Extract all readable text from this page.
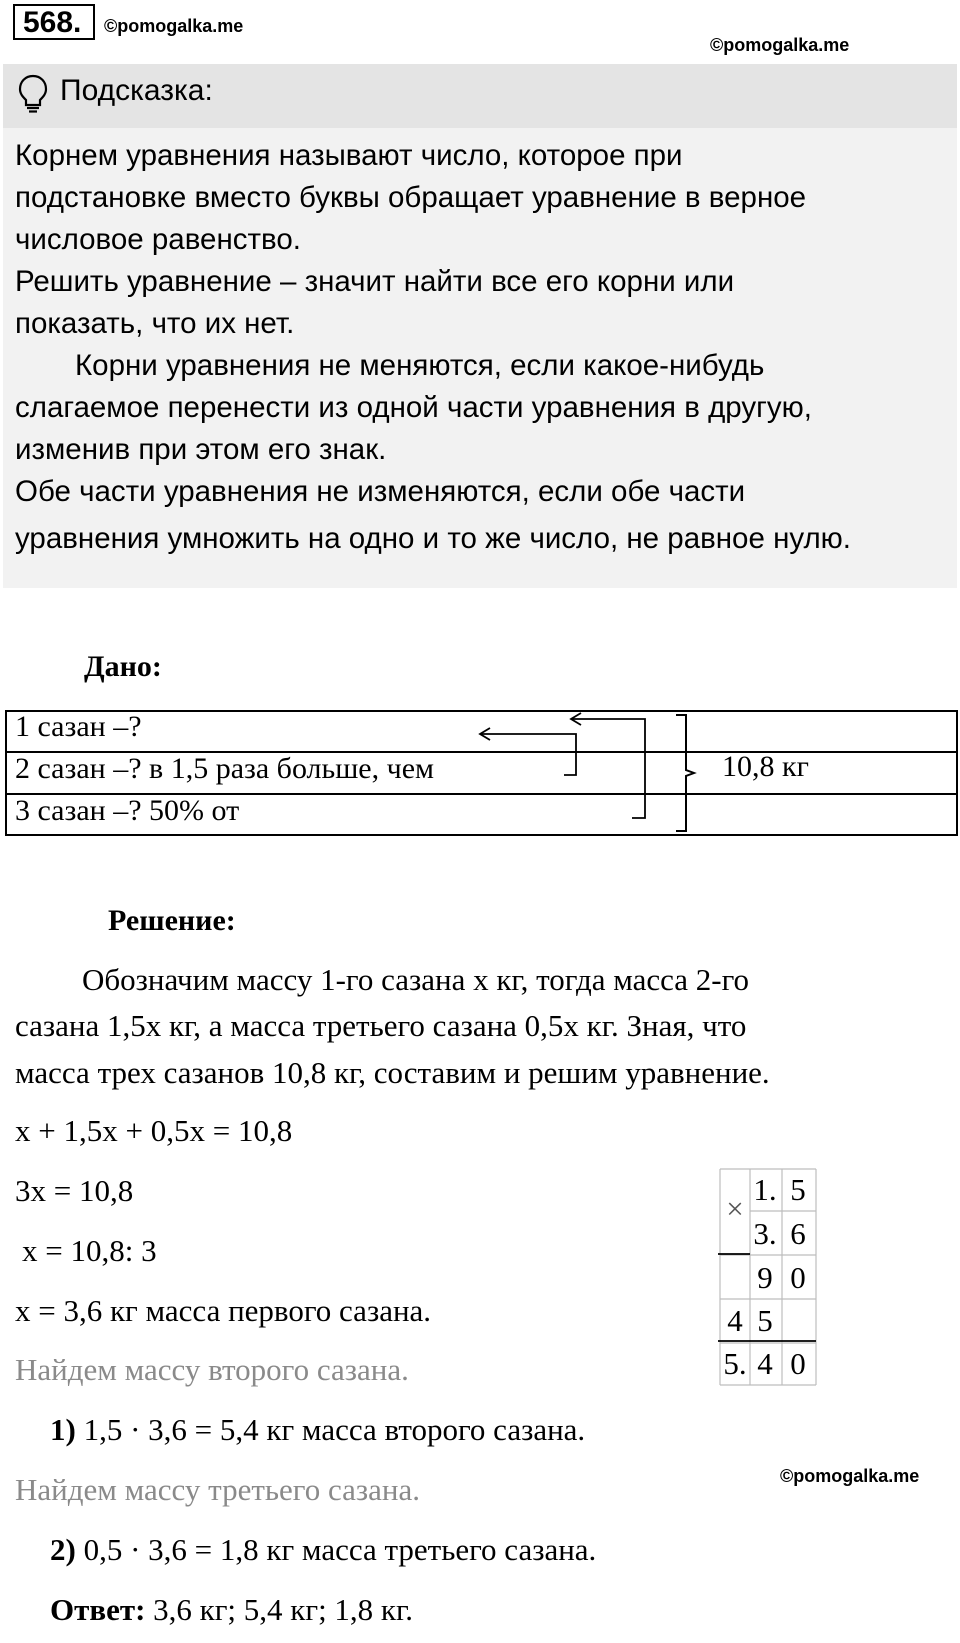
568.	©pomogalka.me
©pomogalka.me
Подсказка:
Корнем уравнения называют число, которое при
подстановке вместо буквы обращает уравнение в верное
числовое равенство.
Решить уравнение – значит найти все его корни или
показать, что их нет.
Корни уравнения не меняются, если какое-нибудь
слагаемое перенести из одной части уравнения в другую,
изменив при этом его знак.
Обе части уравнения не изменяются, если обе части
уравнения умножить на одно и то же число, не равное нулю.
Дано:
1 сазан –?
2 сазан –? в 1,5 раза больше, чем
3 сазан –? 50% от
10,8 кг
Решение:
Обозначим массу 1-го сазана x кг, тогда масса 2-го
сазана 1,5x кг, а масса третьего сазана 0,5x кг. Зная, что
масса трех сазанов 10,8 кг, составим и решим уравнение.
x + 1,5x + 0,5x = 10,8
3x = 10,8
x = 10,8: 3
x = 3,6 кг масса первого сазана.
Найдем массу второго сазана.
1) 1,5 · 3,6 = 5,4 кг масса второго сазана.
©pomogalka.me
Найдем массу третьего сазана.
2) 0,5 · 3,6 = 1,8 кг масса третьего сазана.
Ответ: 3,6 кг; 5,4 кг; 1,8 кг.
×
1. 5
3. 6
9 0
4 5
5. 4 0
